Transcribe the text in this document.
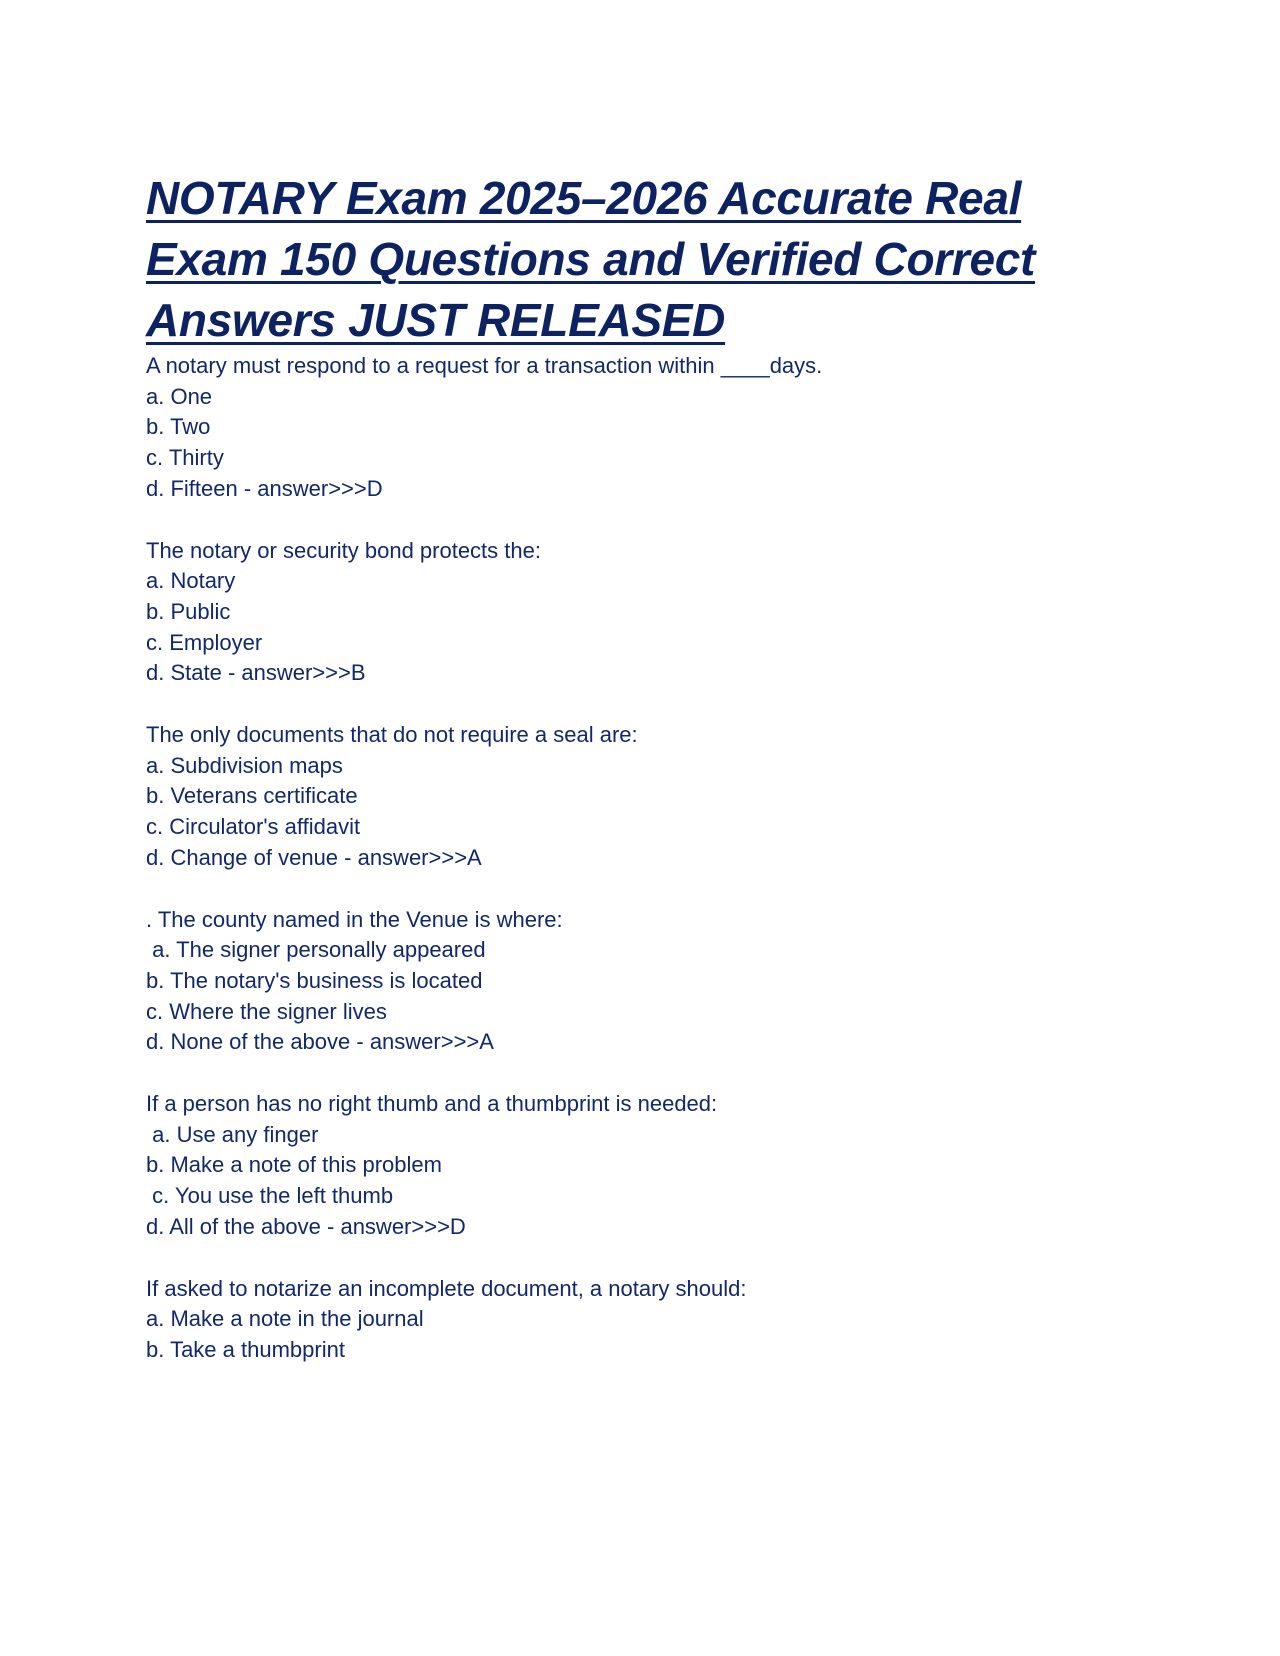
NOTARY Exam 2025–2026 Accurate Real
Exam 150 Questions and Verified Correct
Answers JUST RELEASED
A notary must respond to a request for a transaction within ____days.
a. One
b. Two
c. Thirty
d. Fifteen - answer>>>D
The notary or security bond protects the:
a. Notary
b. Public
c. Employer
d. State - answer>>>B
The only documents that do not require a seal are:
a. Subdivision maps
b. Veterans certificate
c. Circulator's affidavit
d. Change of venue - answer>>>A
. The county named in the Venue is where:
a. The signer personally appeared
b. The notary's business is located
c. Where the signer lives
d. None of the above - answer>>>A
If a person has no right thumb and a thumbprint is needed:
a. Use any finger
b. Make a note of this problem
c. You use the left thumb
d. All of the above - answer>>>D
If asked to notarize an incomplete document, a notary should:
a. Make a note in the journal
b. Take a thumbprint
